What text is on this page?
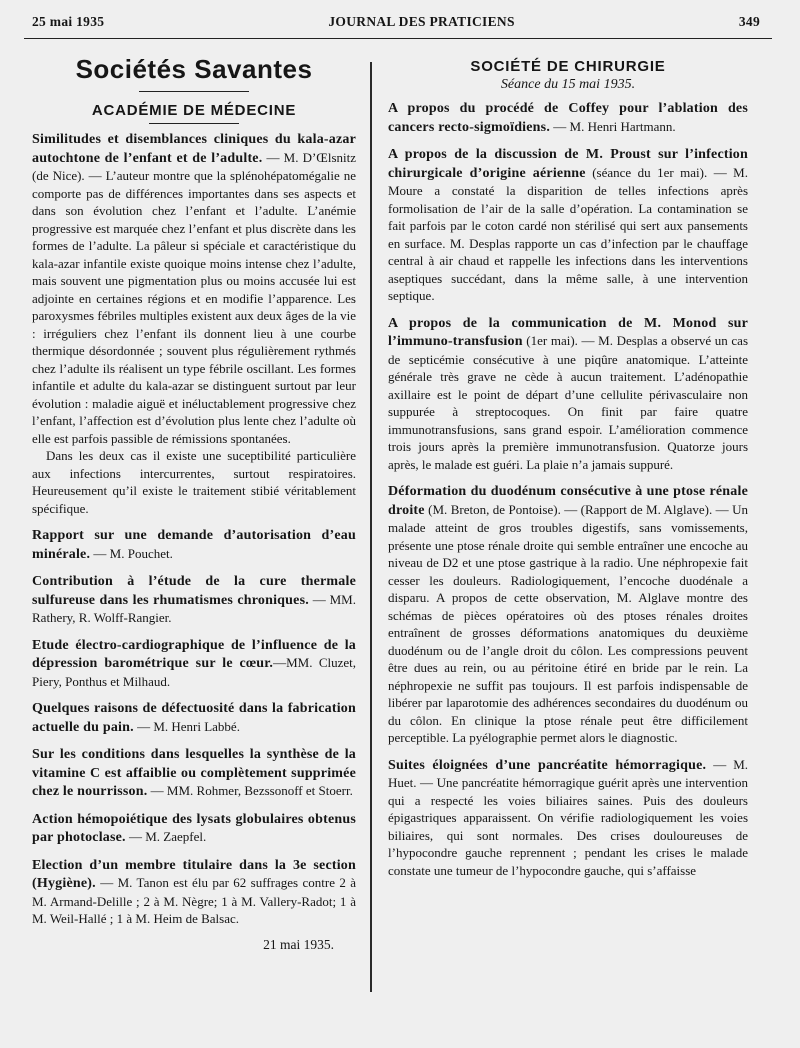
25 mai 1935	JOURNAL DES PRATICIENS	349
Sociétés Savantes
ACADÉMIE DE MÉDECINE

Similitudes et disemblances cliniques du kala-azar autochtone de l’enfant et de l’adulte. — M. D’Œlsnitz (de Nice). — L’auteur montre que la splénohépatomégalie ne comporte pas de différences importantes dans ses aspects et dans son évolution chez l’enfant et l’adulte. L’anémie progressive est marquée chez l’enfant et plus discrète dans les formes de l’adulte. La pâleur si spéciale et caractéristique du kala-azar infantile existe quoique moins intense chez l’adulte, mais souvent une pigmentation plus ou moins accusée lui est adjointe en certaines régions et en modifie l’apparence. Les paroxysmes fébriles multiples existent aux deux âges de la vie : irréguliers chez l’enfant ils donnent lieu à une courbe thermique désordonnée ; souvent plus régulièrement rythmés chez l’adulte ils réalisent un type fébrile oscillant. Les formes infantile et adulte du kala-azar se distinguent surtout par leur évolution : maladie aiguë et inéluctablement progressive chez l’enfant, l’affection est d’évolution plus lente chez l’adulte où elle est parfois passible de rémissions spontanées.

Dans les deux cas il existe une suceptibilité particulière aux infections intercurrentes, surtout respiratoires. Heureusement qu’il existe le traitement stibié véritablement spécifique.

Rapport sur une demande d’autorisation d’eau minérale. — M. Pouchet.
Contribution à l’étude de la cure thermale sulfureuse dans les rhumatismes chroniques. — MM. Rathery, R. Wolff-Rangier.
Etude électro-cardiographique de l’influence de la dépression barométrique sur le cœur.—MM. Cluzet, Piery, Ponthus et Milhaud.
Quelques raisons de défectuosité dans la fabrication actuelle du pain. — M. Henri Labbé.
Sur les conditions dans lesquelles la synthèse de la vitamine C est affaiblie ou complètement supprimée chez le nourrisson. — MM. Rohmer, Bezssonoff et Stoerr.
Action hémopoiétique des lysats globulaires obtenus par photoclase. — M. Zaepfel.
Election d’un membre titulaire dans la 3e section (Hygiène). — M. Tanon est élu par 62 suffrages contre 2 à M. Armand-Delille ; 2 à M. Nègre; 1 à M. Vallery-Radot; 1 à M. Weil-Hallé ; 1 à M. Heim de Balsac.
21 mai 1935.
SOCIÉTÉ DE CHIRURGIE
Séance du 15 mai 1935.
A propos du procédé de Coffey pour l’ablation des cancers recto-sigmoïdiens. — M. Henri Hartmann.
A propos de la discussion de M. Proust sur l’infection chirurgicale d’origine aérienne (séance du 1er mai). — M. Moure a constaté la disparition de telles infections après formolisation de l’air de la salle d’opération. La contamination se fait parfois par le coton cardé non stérilisé qui sert aux pansements en surface. M. Desplas rapporte un cas d’infection par le chauffage central à air chaud et rappelle les infections dans les interventions aseptiques succédant, dans la même salle, à une intervention septique.
A propos de la communication de M. Monod sur l’immuno-transfusion (1er mai). — M. Desplas a observé un cas de septicémie consécutive à une piqûre anatomique. L’atteinte générale très grave ne cède à aucun traitement. L’adénopathie axillaire est le point de départ d’une cellulite périvasculaire non suppurée à streptocoques. On finit par faire quatre immunotransfusions, sans grand espoir. L’amélioration commence trois jours après la première immunotransfusion. Quatorze jours après, le malade est guéri. La plaie n’a jamais suppuré.
Déformation du duodénum consécutive à une ptose rénale droite (M. Breton, de Pontoise). — (Rapport de M. Alglave). — Un malade atteint de gros troubles digestifs, sans vomissements, présente une ptose rénale droite qui semble entraîner une encoche au niveau de D2 et une ptose gastrique à la radio. Une néphropexie fait cesser les douleurs. Radiologiquement, l’encoche duodénale a disparu. A propos de cette observation, M. Alglave montre des schémas de pièces opératoires où des ptoses rénales droites entraînent de grosses déformations anatomiques du deuxième duodénum ou de l’angle droit du côlon. Les compressions peuvent être dues au rein, ou au péritoine étiré en bride par le rein. La néphropexie ne suffit pas toujours. Il est parfois indispensable de libérer par laparotomie des adhérences secondaires du duodénum ou du côlon. En clinique la ptose rénale peut être difficilement perceptible. La pyélographie permet alors le diagnostic.
Suites éloignées d’une pancréatite hémorragique. — M. Huet. — Une pancréatite hémorragique guérit après une intervention qui a respecté les voies biliaires saines. Puis des douleurs épigastriques apparaissent. On vérifie radiologiquement les voies biliaires, qui sont normales. Des crises douloureuses de l’hypocondre gauche reprennent ; pendant les crises le malade constate une tumeur de l’hypocondre gauche, qui s’affaisse
